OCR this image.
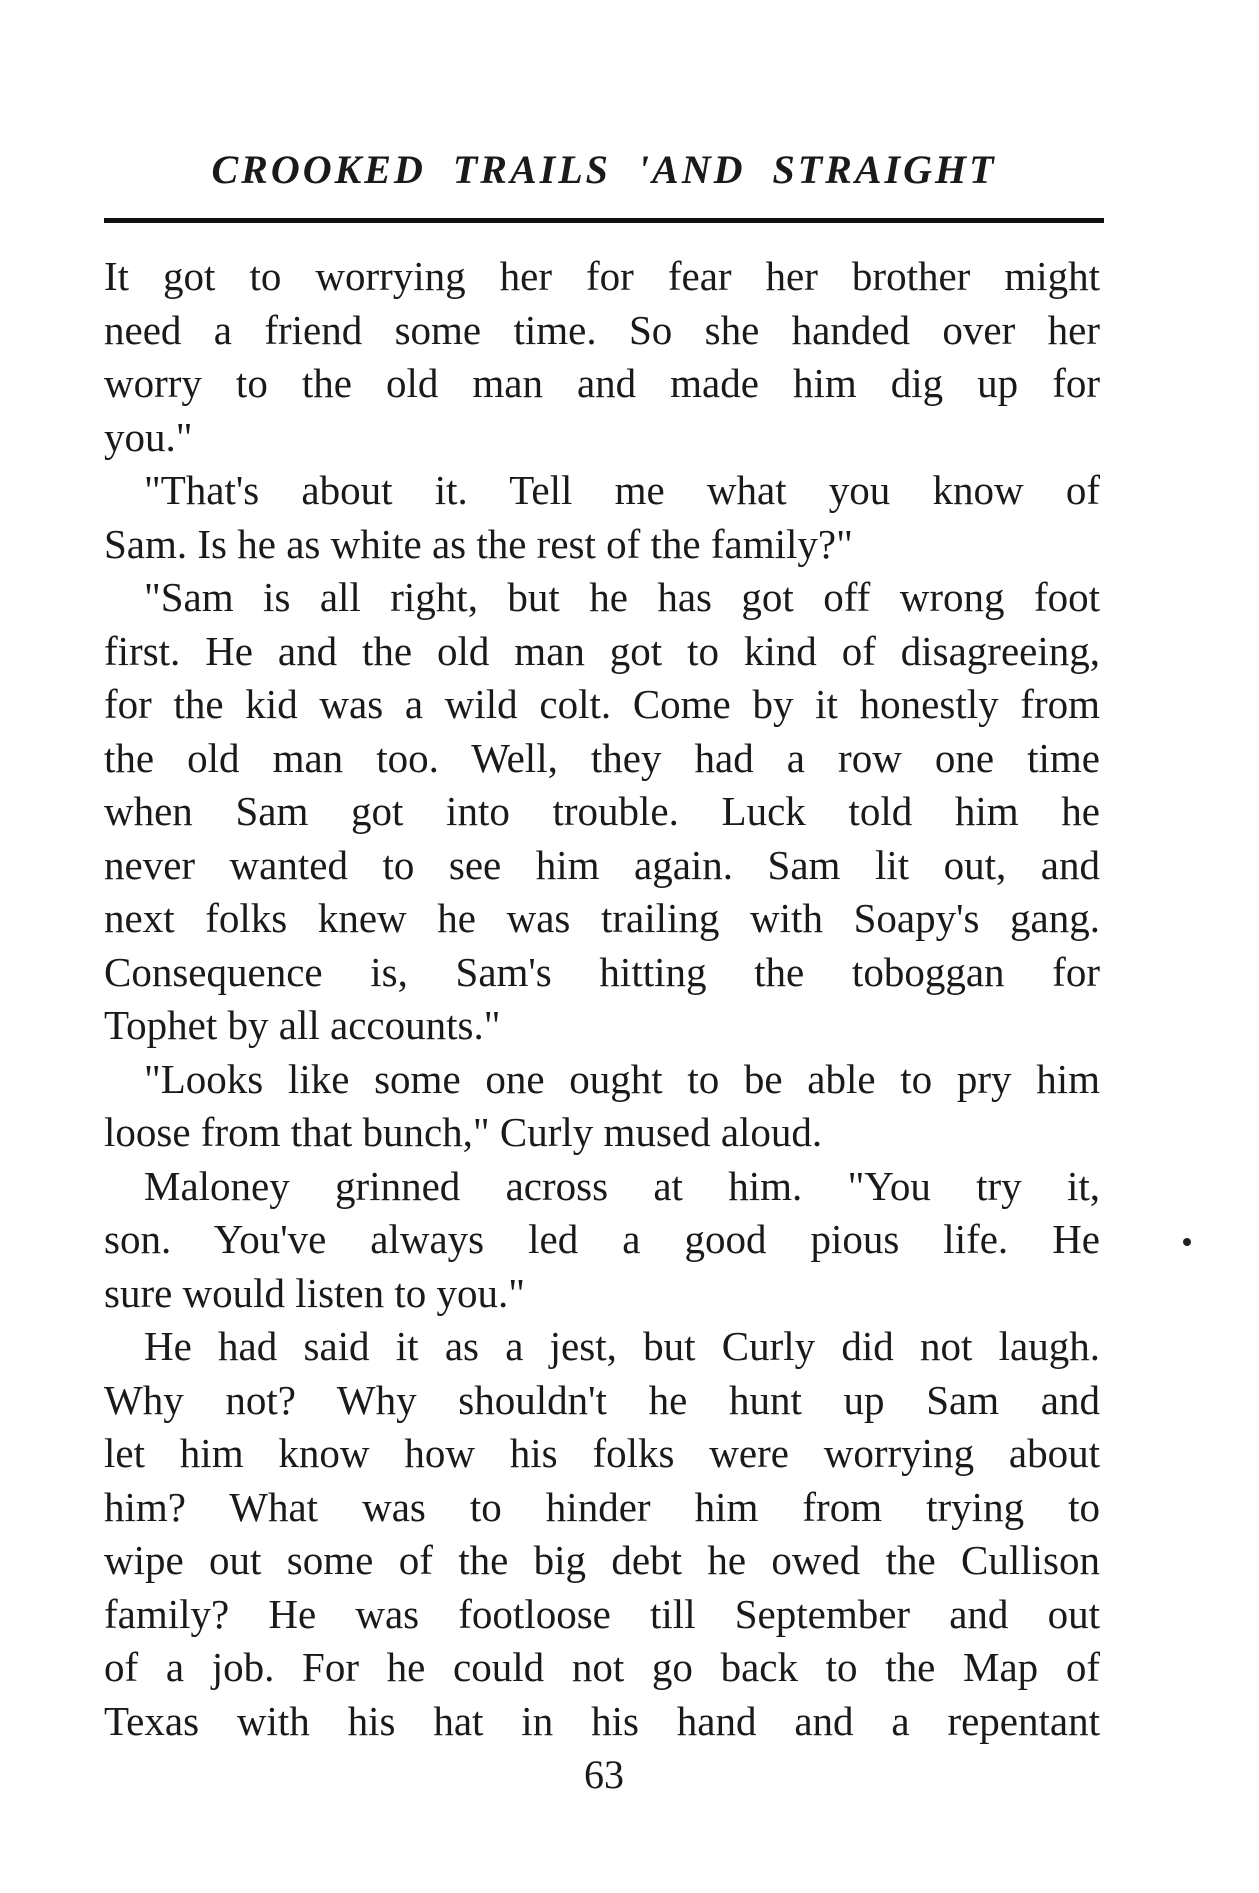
CROOKED TRAILS 'AND STRAIGHT
It got to worrying her for fear her brother might
need a friend some time. So she handed over her
worry to the old man and made him dig up for
you."
"That's about it. Tell me what you know of
Sam. Is he as white as the rest of the family?"
"Sam is all right, but he has got off wrong foot
first. He and the old man got to kind of disagreeing,
for the kid was a wild colt. Come by it honestly from
the old man too. Well, they had a row one time
when Sam got into trouble. Luck told him he
never wanted to see him again. Sam lit out, and
next folks knew he was trailing with Soapy's gang.
Consequence is, Sam's hitting the toboggan for
Tophet by all accounts."
"Looks like some one ought to be able to pry him
loose from that bunch," Curly mused aloud.
Maloney grinned across at him. "You try it,
son. You've always led a good pious life. He
sure would listen to you."
He had said it as a jest, but Curly did not laugh.
Why not? Why shouldn't he hunt up Sam and
let him know how his folks were worrying about
him? What was to hinder him from trying to
wipe out some of the big debt he owed the Cullison
family? He was footloose till September and out
of a job. For he could not go back to the Map of
Texas with his hat in his hand and a repentant
63
